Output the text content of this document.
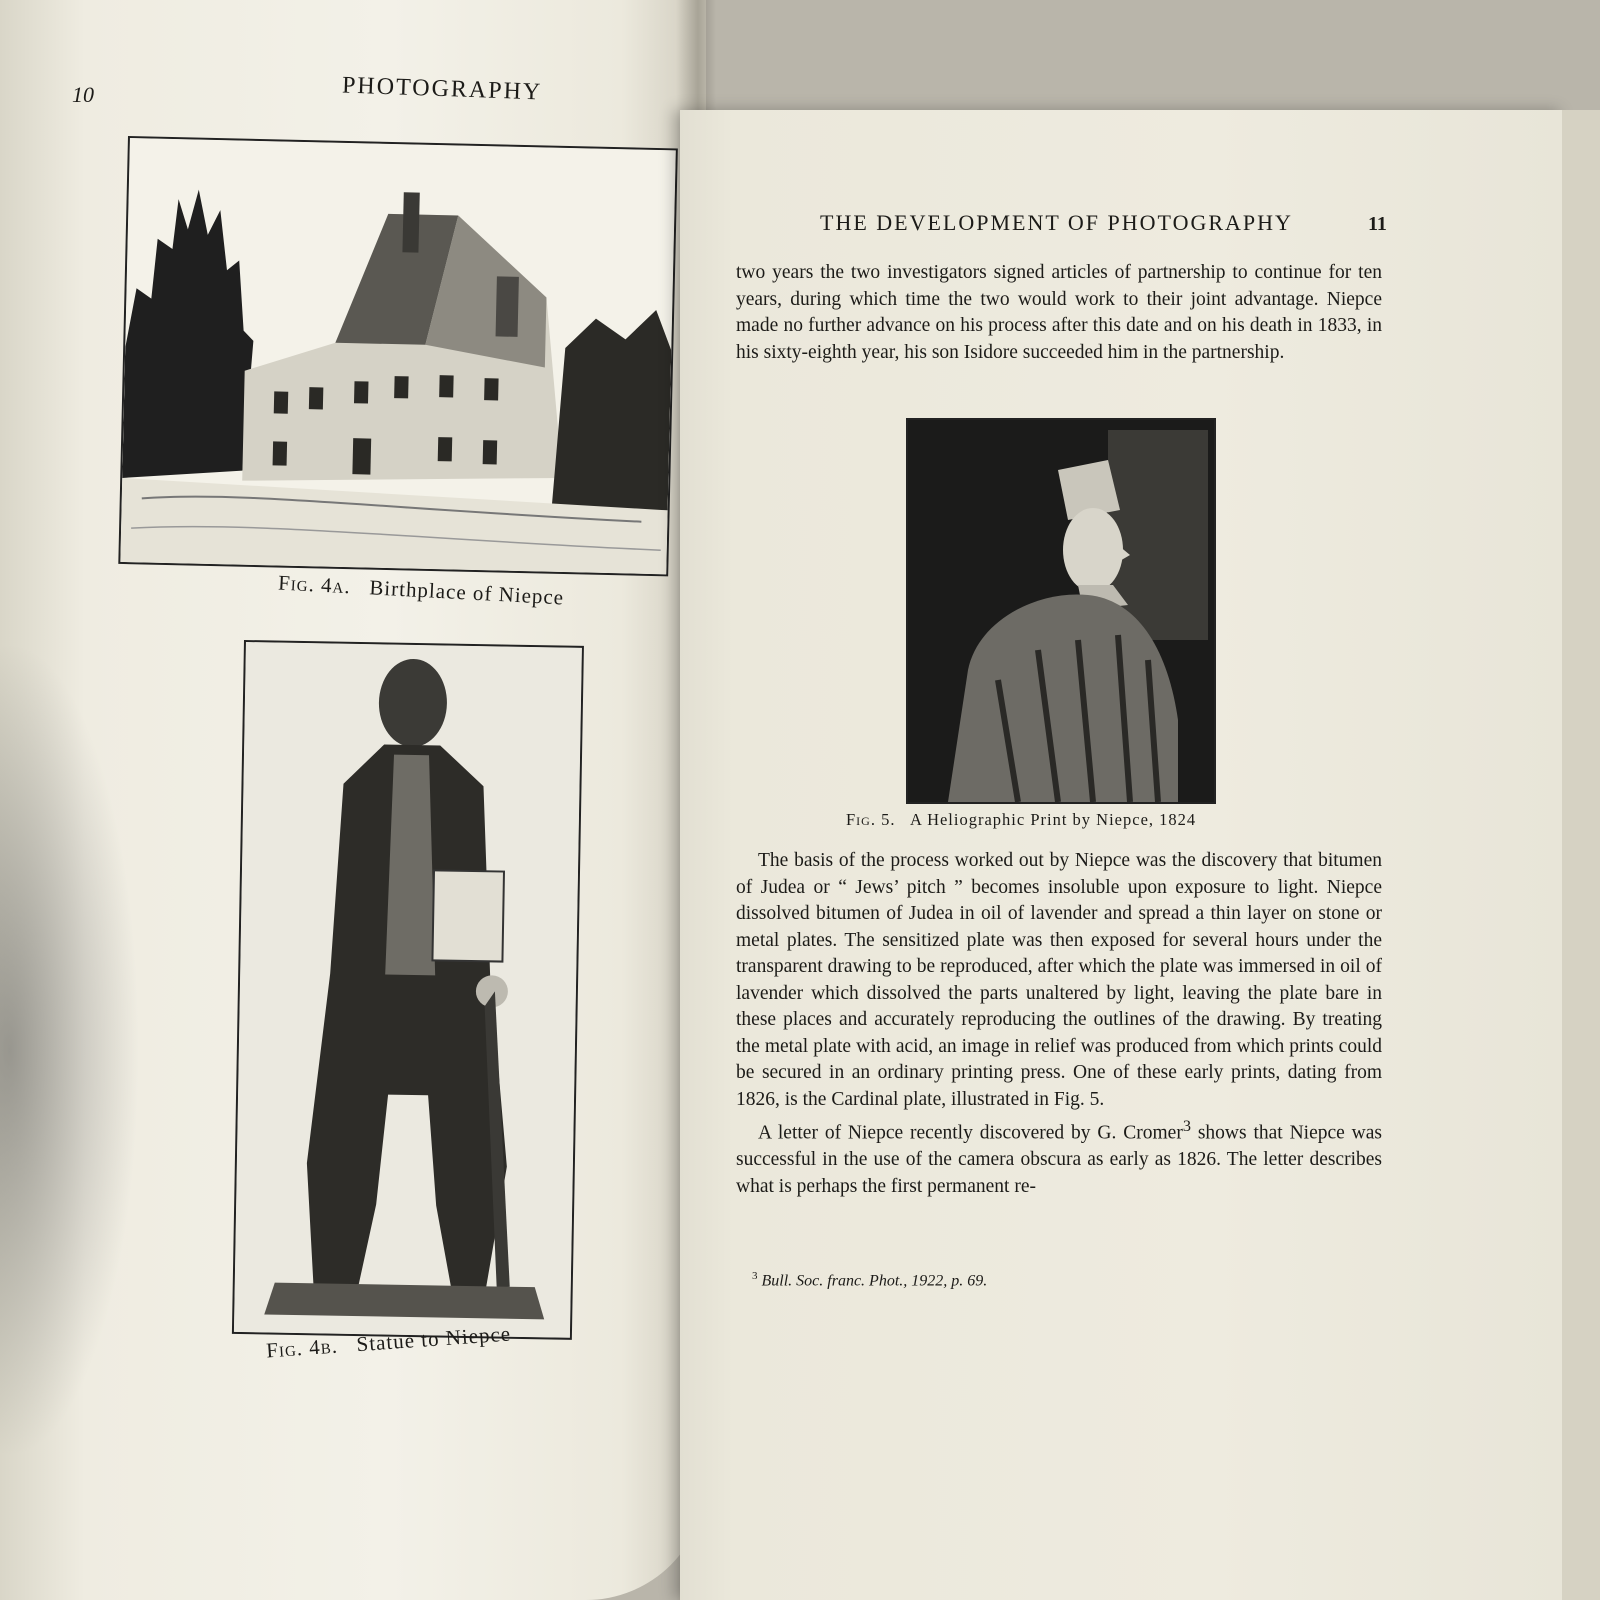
10	PHOTOGRAPHY
Fig. 4a. Birthplace of Niepce
Fig. 4b. Statue to Niepce
THE DEVELOPMENT OF PHOTOGRAPHY	11

two years the two investigators signed articles of partnership to continue for ten years, during which time the two would work to their joint advantage. Niepce made no further advance on his process after this date and on his death in 1833, in his sixty-eighth year, his son Isidore succeeded him in the partnership.

Fig. 5. A Heliographic Print by Niepce, 1824

The basis of the process worked out by Niepce was the discovery that bitumen of Judea or “ Jews’ pitch ” becomes insoluble upon exposure to light. Niepce dissolved bitumen of Judea in oil of lavender and spread a thin layer on stone or metal plates. The sensitized plate was then exposed for several hours under the transparent drawing to be reproduced, after which the plate was immersed in oil of lavender which dissolved the parts unaltered by light, leaving the plate bare in these places and accurately reproducing the outlines of the drawing. By treating the metal plate with acid, an image in relief was produced from which prints could be secured in an ordinary printing press. One of these early prints, dating from 1826, is the Cardinal plate, illustrated in Fig. 5.

A letter of Niepce recently discovered by G. Cromer$^3$ shows that Niepce was successful in the use of the camera obscura as early as 1826. The letter describes what is perhaps the first permanent re-

$^3$ Bull. Soc. franc. Phot., 1922, p. 69.
